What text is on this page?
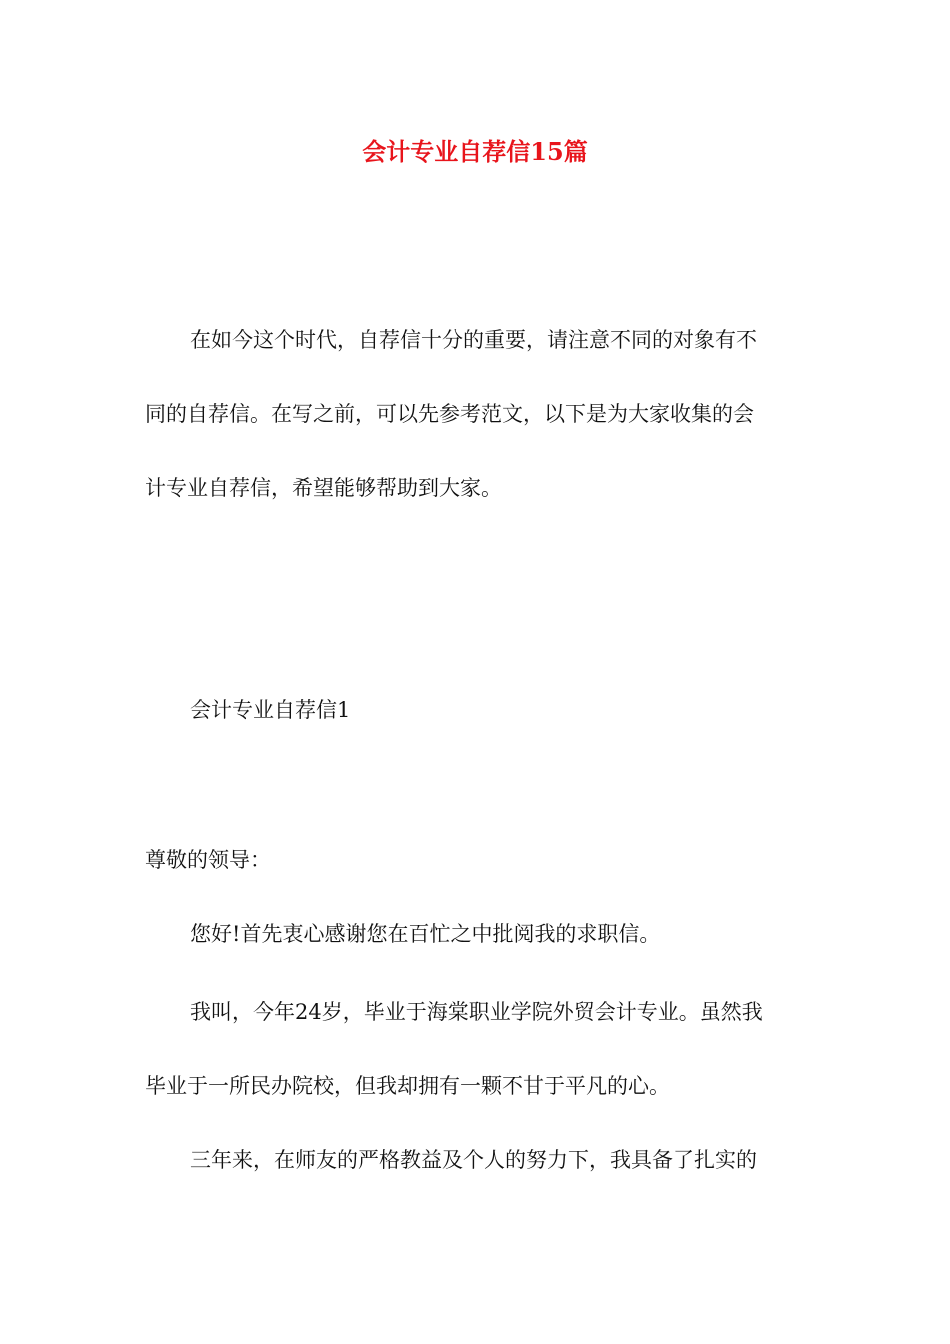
会计专业自荐信15篇
在如今这个时代，自荐信十分的重要，请注意不同的对象有不
同的自荐信。在写之前，可以先参考范文，以下是为大家收集的会
计专业自荐信，希望能够帮助到大家。
会计专业自荐信1
尊敬的领导：
您好!首先衷心感谢您在百忙之中批阅我的求职信。
我叫，今年24岁，毕业于海棠职业学院外贸会计专业。虽然我
毕业于一所民办院校，但我却拥有一颗不甘于平凡的心。
三年来，在师友的严格教益及个人的努力下，我具备了扎实的
